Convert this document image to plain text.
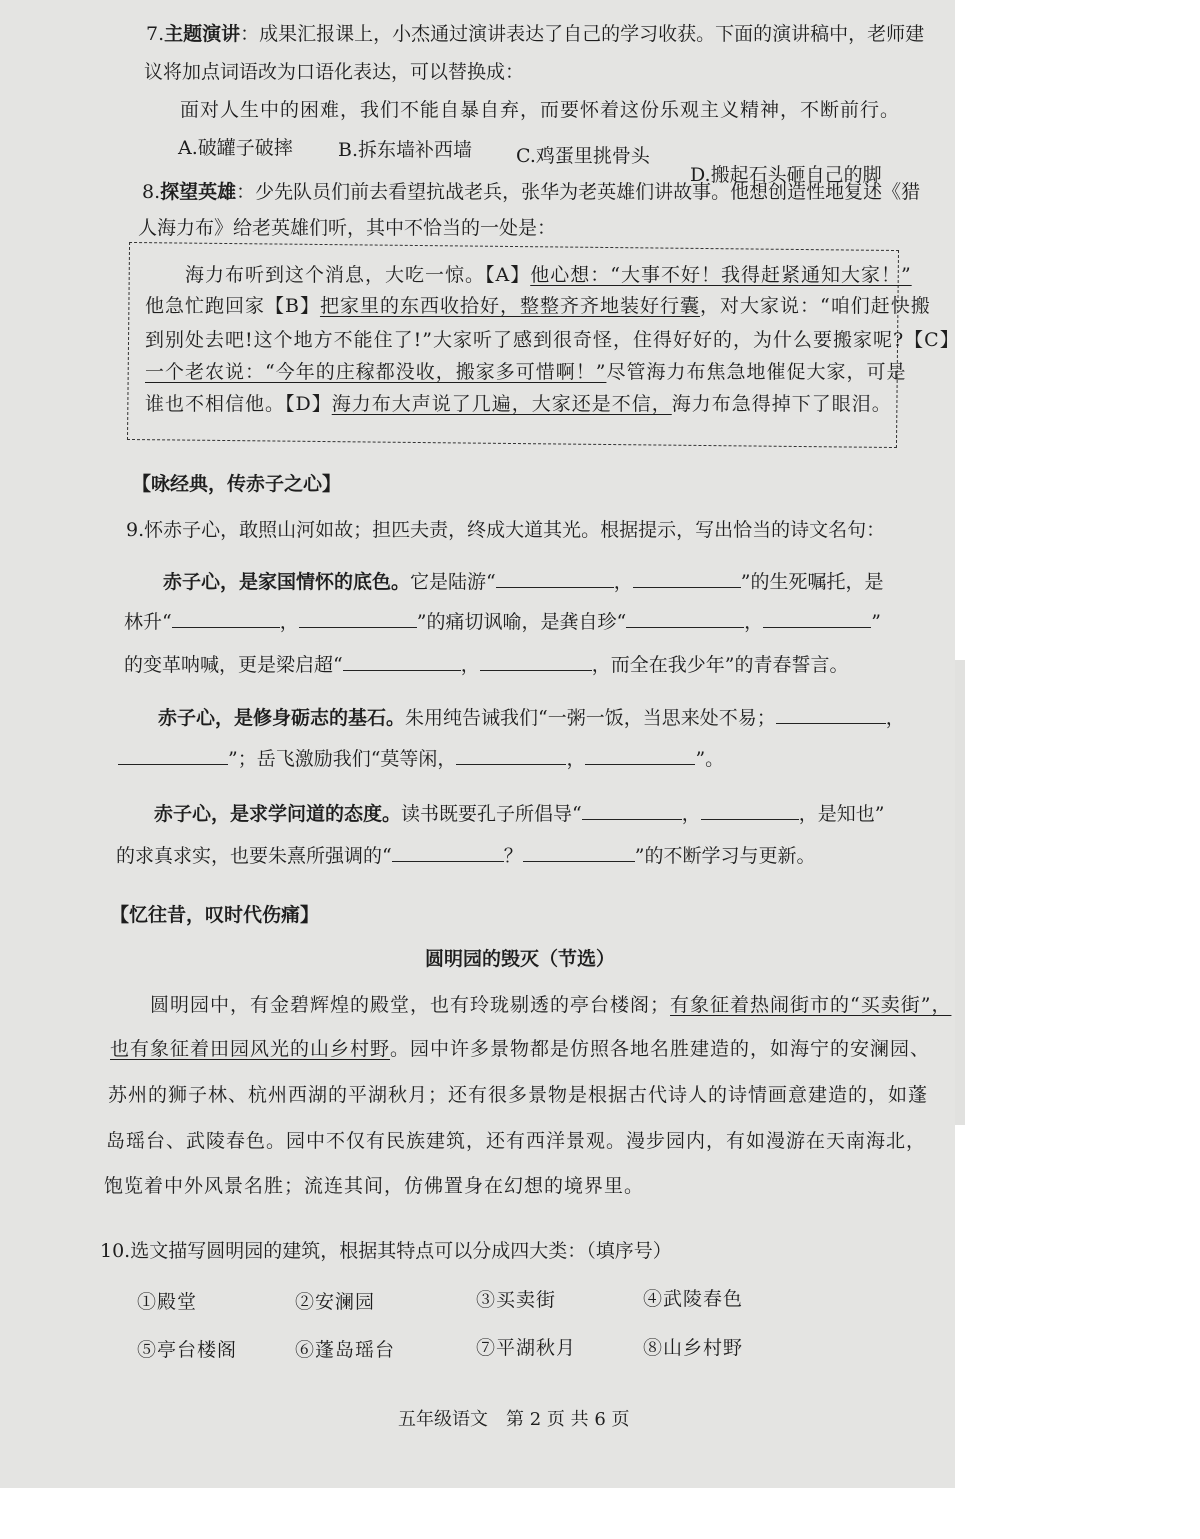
7.主题演讲：成果汇报课上，小杰通过演讲表达了自己的学习收获。下面的演讲稿中，老师建
议将加点词语改为口语化表达，可以替换成：
面对人生中的困难，我们不能自暴自弃，而要怀着这份乐观主义精神，不断前行。
A.破罐子破摔 B.拆东墙补西墙 C.鸡蛋里挑骨头
D.搬起石头砸自己的脚
8.探望英雄：少先队员们前去看望抗战老兵，张华为老英雄们讲故事。他想创造性地复述《猎
人海力布》给老英雄们听，其中不恰当的一处是：
海力布听到这个消息，大吃一惊。【A】他心想：“大事不好！我得赶紧通知大家！”
他急忙跑回家【B】把家里的东西收拾好，整整齐齐地装好行囊，对大家说：“咱们赶快搬
到别处去吧!这个地方不能住了!”大家听了感到很奇怪，住得好好的，为什么要搬家呢?【C】
一个老农说：“今年的庄稼都没收，搬家多可惜啊！”尽管海力布焦急地催促大家，可是
谁也不相信他。【D】海力布大声说了几遍，大家还是不信，海力布急得掉下了眼泪。
【咏经典，传赤子之心】
9.怀赤子心，敢照山河如故；担匹夫责，终成大道其光。根据提示，写出恰当的诗文名句：
赤子心，是家国情怀的底色。它是陆游“	，	”的生死嘱托，是
林升“	，	”的痛切讽喻，是龚自珍“	，	”
的变革呐喊，更是梁启超“	，	，而全在我少年”的青春誓言。
赤子心，是修身砺志的基石。朱用纯告诫我们“一粥一饭，当思来处不易；	，
”；岳飞激励我们“莫等闲，	，	”。
赤子心，是求学问道的态度。读书既要孔子所倡导“	，	，是知也”
的求真求实，也要朱熹所强调的“	？	”的不断学习与更新。
【忆往昔，叹时代伤痛】
圆明园的毁灭（节选）
圆明园中，有金碧辉煌的殿堂，也有玲珑剔透的亭台楼阁；有象征着热闹街市的“买卖街”，
也有象征着田园风光的山乡村野。园中许多景物都是仿照各地名胜建造的，如海宁的安澜园、
苏州的狮子林、杭州西湖的平湖秋月；还有很多景物是根据古代诗人的诗情画意建造的，如蓬
岛瑶台、武陵春色。园中不仅有民族建筑，还有西洋景观。漫步园内，有如漫游在天南海北，
饱览着中外风景名胜；流连其间，仿佛置身在幻想的境界里。
10.选文描写圆明园的建筑，根据其特点可以分成四大类：（填序号）
①殿堂	②安澜园	③买卖街	④武陵春色
⑤亭台楼阁	⑥蓬岛瑶台	⑦平湖秋月	⑧山乡村野
五年级语文　第 2 页 共 6 页
